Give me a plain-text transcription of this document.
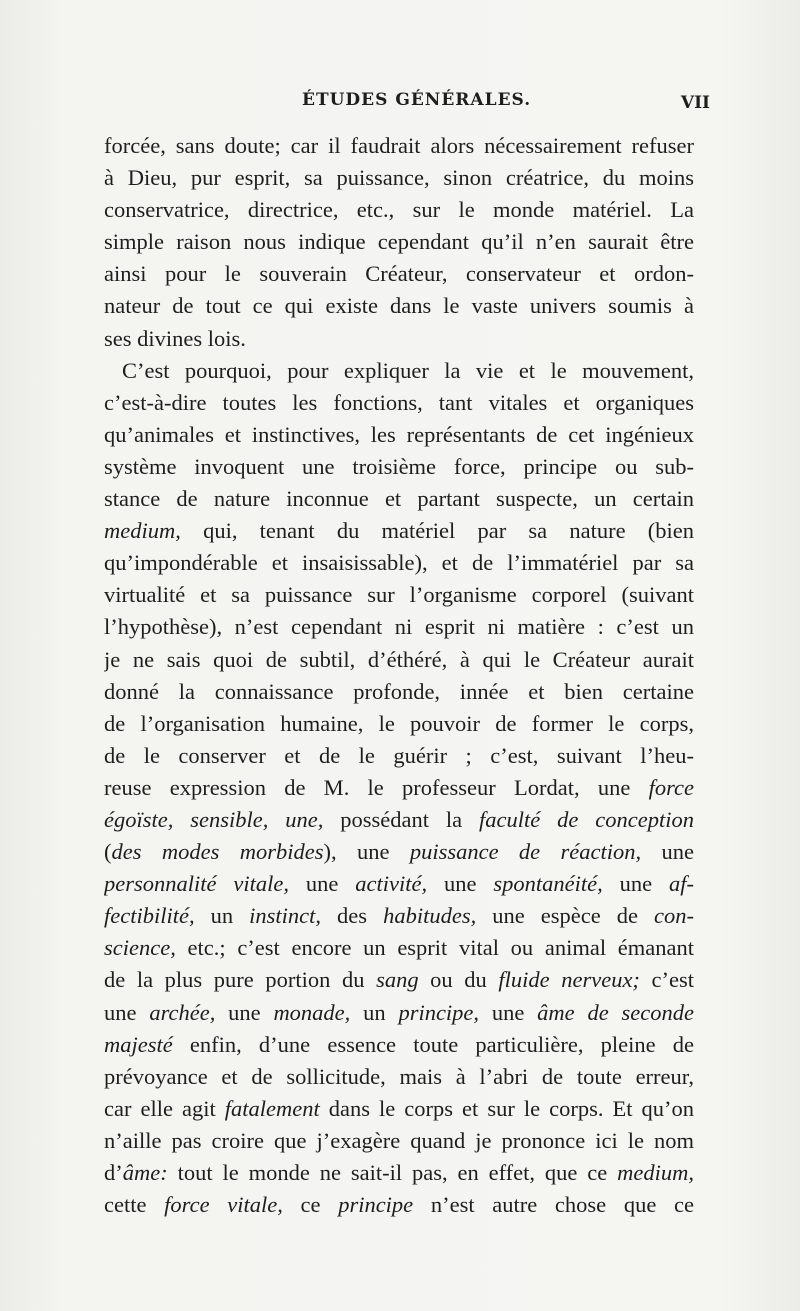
ÉTUDES GÉNÉRALES.	VII
forcée, sans doute; car il faudrait alors nécessairement refuser
à Dieu, pur esprit, sa puissance, sinon créatrice, du moins
conservatrice, directrice, etc., sur le monde matériel. La
simple raison nous indique cependant qu’il n’en saurait être
ainsi pour le souverain Créateur, conservateur et ordon-
nateur de tout ce qui existe dans le vaste univers soumis à
ses divines lois.
C’est pourquoi, pour expliquer la vie et le mouvement,
c’est-à-dire toutes les fonctions, tant vitales et organiques
qu’animales et instinctives, les représentants de cet ingénieux
système invoquent une troisième force, principe ou sub-
stance de nature inconnue et partant suspecte, un certain
medium, qui, tenant du matériel par sa nature (bien
qu’impondérable et insaisissable), et de l’immatériel par sa
virtualité et sa puissance sur l’organisme corporel (suivant
l’hypothèse), n’est cependant ni esprit ni matière : c’est un
je ne sais quoi de subtil, d’éthéré, à qui le Créateur aurait
donné la connaissance profonde, innée et bien certaine
de l’organisation humaine, le pouvoir de former le corps,
de le conserver et de le guérir ; c’est, suivant l’heu-
reuse expression de M. le professeur Lordat, une force
égoïste, sensible, une, possédant la faculté de conception
(des modes morbides), une puissance de réaction, une
personnalité vitale, une activité, une spontanéité, une af-
fectibilité, un instinct, des habitudes, une espèce de con-
science, etc.; c’est encore un esprit vital ou animal émanant
de la plus pure portion du sang ou du fluide nerveux; c’est
une archée, une monade, un principe, une âme de seconde
majesté enfin, d’une essence toute particulière, pleine de
prévoyance et de sollicitude, mais à l’abri de toute erreur,
car elle agit fatalement dans le corps et sur le corps. Et qu’on
n’aille pas croire que j’exagère quand je prononce ici le nom
d’âme: tout le monde ne sait-il pas, en effet, que ce medium,
cette force vitale, ce principe n’est autre chose que ce
